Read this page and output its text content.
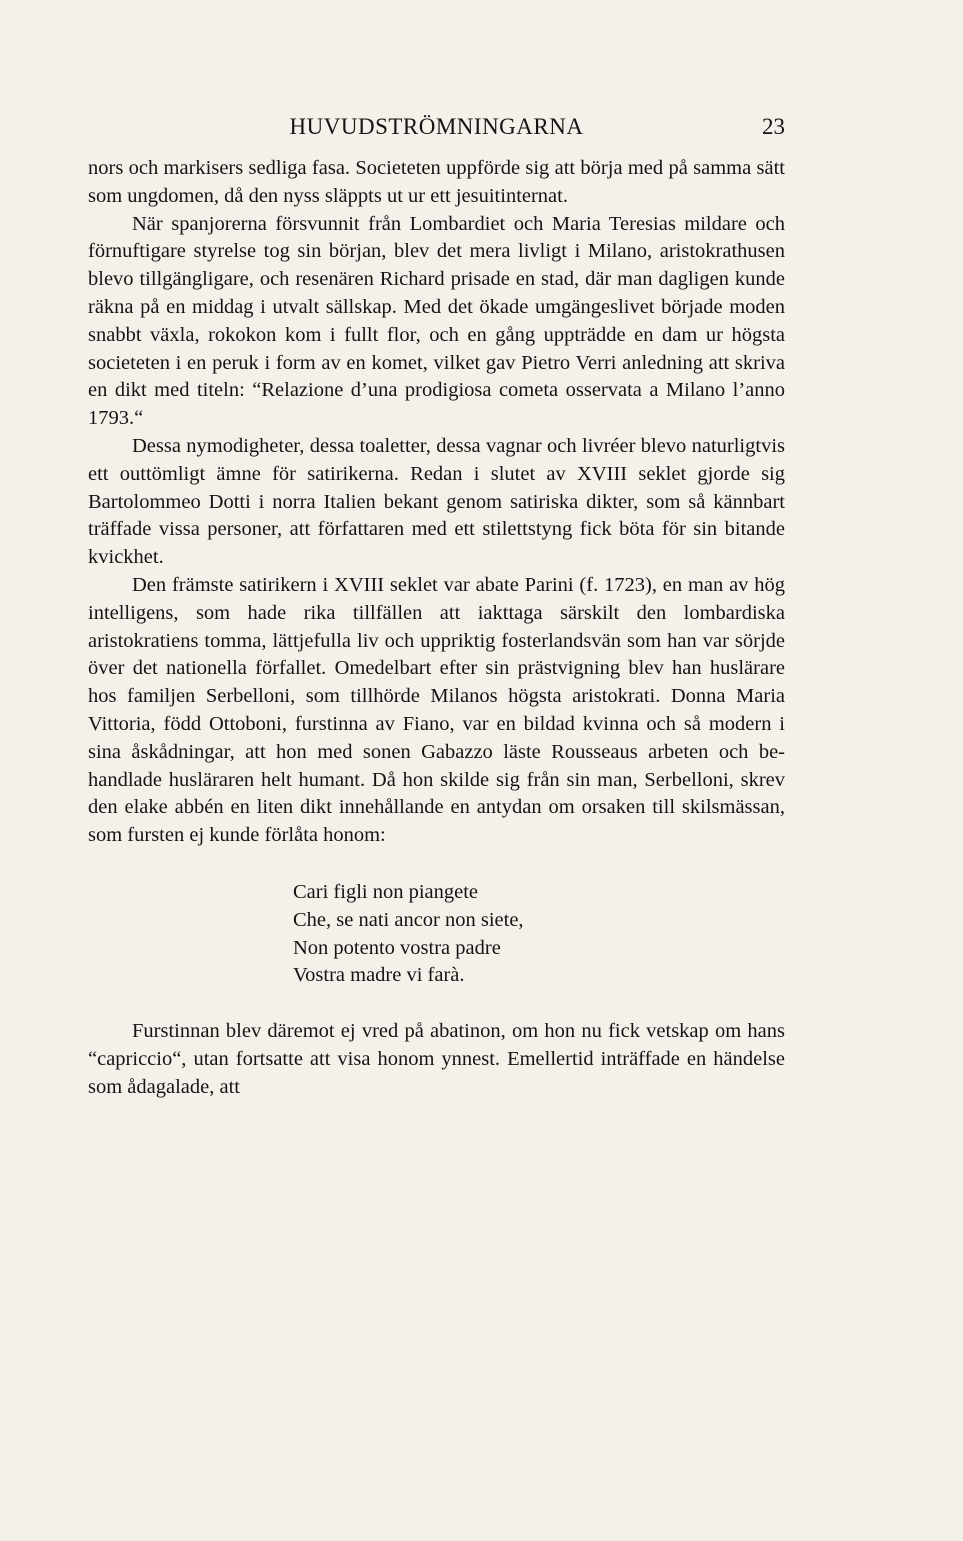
HUVUDSTRÖMNINGARNA	23

nors och markisers sedliga fasa. Societeten uppförde sig att börja med på samma sätt som ungdomen, då den nyss släppts ut ur ett jesuitinternat.

När spanjorerna försvunnit från Lombardiet och Maria Teresias mildare och förnuftigare styrelse tog sin början, blev det mera livligt i Milano, aristokrathusen blevo tillgängligare, och resenären Richard prisade en stad, där man dagligen kunde räkna på en middag i utvalt sällskap. Med det ökade umgängeslivet började moden snabbt växla, rokokon kom i fullt flor, och en gång uppträdde en dam ur högsta societeten i en peruk i form av en komet, vilket gav Pietro Verri anledning att skriva en dikt med titeln: “Relazione d’una prodigiosa cometa osservata a Milano l’anno 1793.“

Dessa nymodigheter, dessa toaletter, dessa vagnar och livréer blevo naturligtvis ett outtömligt ämne för satirikerna. Redan i slutet av XVIII seklet gjorde sig Bartolommeo Dotti i norra Italien bekant genom satiriska dikter, som så kännbart träffade vissa personer, att författaren med ett stilettstyng fick böta för sin bitande kvickhet.

Den främste satirikern i XVIII seklet var abate Parini (f. 1723), en man av hög intelligens, som hade rika tillfällen att iakttaga särskilt den lombardiska aristokratiens tomma, lättjefulla liv och uppriktig fosterlandsvän som han var sörjde över det nationella förfallet. Omedelbart efter sin prästvigning blev han huslärare hos familjen Serbelloni, som tillhörde Milanos högsta aristokrati. Donna Maria Vittoria, född Ottoboni, furstinna av Fiano, var en bildad kvinna och så modern i sina åskådningar, att hon med sonen Gabazzo läste Rousseaus arbeten och behandlade husläraren helt humant. Då hon skilde sig från sin man, Serbelloni, skrev den elake abbén en liten dikt innehållande en antydan om orsaken till skilsmässan, som fursten ej kunde förlåta honom:

Cari figli non piangete
Che, se nati ancor non siete,
Non potento vostra padre
Vostra madre vi farà.

Furstinnan blev däremot ej vred på abatinon, om hon nu fick vetskap om hans “capriccio“, utan fortsatte att visa honom ynnest. Emellertid inträffade en händelse som ådagalade, att
